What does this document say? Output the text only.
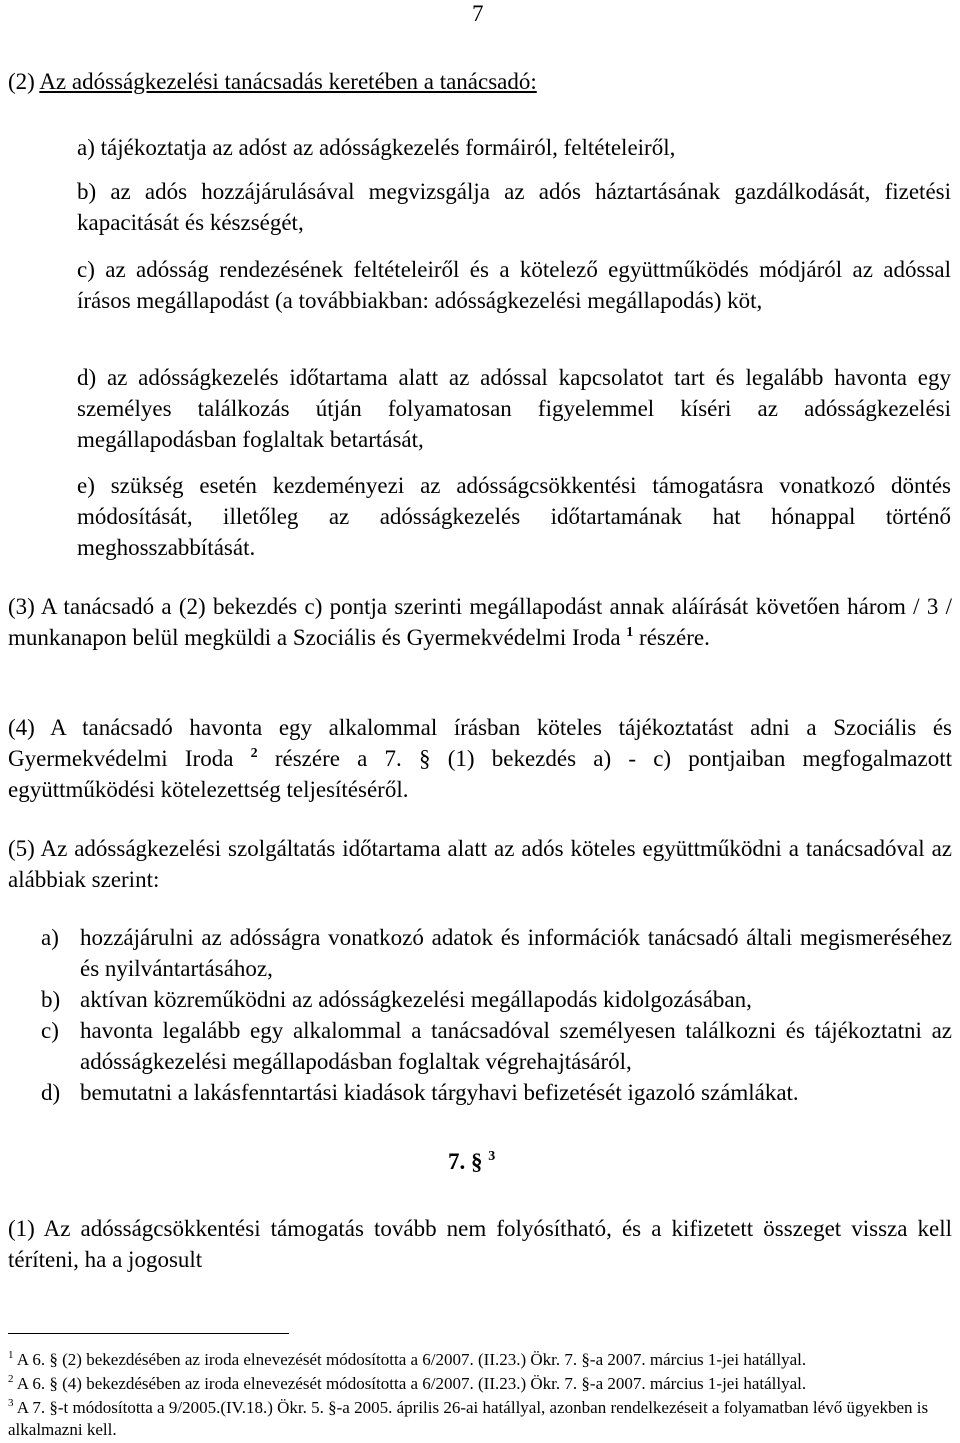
7
(2) Az adósságkezelési tanácsadás keretében a tanácsadó:

a) tájékoztatja az adóst az adósságkezelés formáiról, feltételeiről,

b) az adós hozzájárulásával megvizsgálja az adós háztartásának gazdálkodását, fizetési kapacitását és készségét,

c) az adósság rendezésének feltételeiről és a kötelező együttműködés módjáról az adóssal írásos megállapodást (a továbbiakban: adósságkezelési megállapodás) köt,

d) az adósságkezelés időtartama alatt az adóssal kapcsolatot tart és legalább havonta egy személyes találkozás útján folyamatosan figyelemmel kíséri az adósságkezelési megállapodásban foglaltak betartását,

e) szükség esetén kezdeményezi az adósságcsökkentési támogatásra vonatkozó döntés módosítását, illetőleg az adósságkezelés időtartamának hat hónappal történő meghosszabbítását.

(3) A tanácsadó a (2) bekezdés c) pontja szerinti megállapodást annak aláírását követően három / 3 / munkanapon belül megküldi a Szociális és Gyermekvédelmi Iroda $^1$ részére.

(4) A tanácsadó havonta egy alkalommal írásban köteles tájékoztatást adni a Szociális és Gyermekvédelmi Iroda $^2$ részére a 7. § (1) bekezdés a) - c) pontjaiban megfogalmazott együttműködési kötelezettség teljesítéséről.

(5) Az adósságkezelési szolgáltatás időtartama alatt az adós köteles együttműködni a tanácsadóval az alábbiak szerint:

a) hozzájárulni az adósságra vonatkozó adatok és információk tanácsadó általi megismeréséhez és nyilvántartásához,
b) aktívan közreműködni az adósságkezelési megállapodás kidolgozásában,
c) havonta legalább egy alkalommal a tanácsadóval személyesen találkozni és tájékoztatni az adósságkezelési megállapodásban foglaltak végrehajtásáról,
d) bemutatni a lakásfenntartási kiadások tárgyhavi befizetését igazoló számlákat.
7. § $^3$

(1) Az adósságcsökkentési támogatás tovább nem folyósítható, és a kifizetett összeget vissza kell téríteni, ha a jogosult

$^1$ A 6. § (2) bekezdésében az iroda elnevezését módosította a 6/2007. (II.23.) Ökr. 7. §-a 2007. március 1-jei hatállyal.
$^2$ A 6. § (4) bekezdésében az iroda elnevezését módosította a 6/2007. (II.23.) Ökr. 7. §-a 2007. március 1-jei hatállyal.
$^3$ A 7. §-t módosította a 9/2005.(IV.18.) Ökr. 5. §-a 2005. április 26-ai hatállyal, azonban rendelkezéseit a folyamatban lévő ügyekben is alkalmazni kell.
